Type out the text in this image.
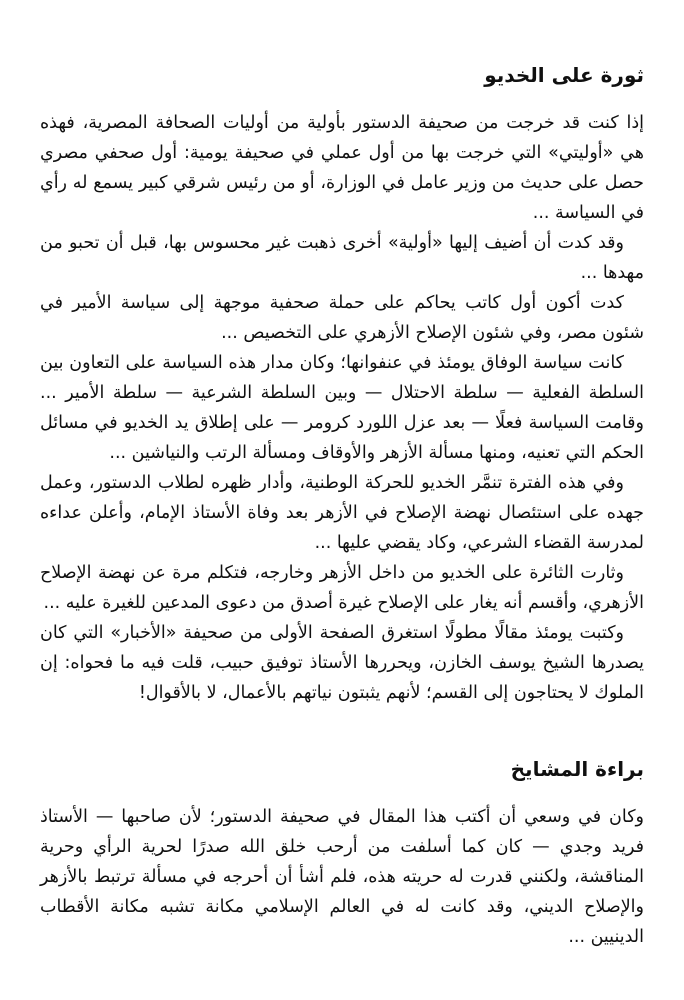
ثورة على الخديو

إذا كنت قد خرجت من صحيفة الدستور بأولية من أوليات الصحافة المصرية، فهذه هي «أوليتي» التي خرجت بها من أول عملي في صحيفة يومية: أول صحفي مصري حصل على حديث من وزير عامل في الوزارة، أو من رئيس شرقي كبير يسمع له رأي في السياسة ...

وقد كدت أن أضيف إليها «أولية» أخرى ذهبت غير محسوس بها، قبل أن تحبو من مهدها ...

كدت أكون أول كاتب يحاكم على حملة صحفية موجهة إلى سياسة الأمير في شئون مصر، وفي شئون الإصلاح الأزهري على التخصيص ...

كانت سياسة الوفاق يومئذ في عنفوانها؛ وكان مدار هذه السياسة على التعاون بين السلطة الفعلية — سلطة الاحتلال — وبين السلطة الشرعية — سلطة الأمير ... وقامت السياسة فعلًا — بعد عزل اللورد كرومر — على إطلاق يد الخديو في مسائل الحكم التي تعنيه، ومنها مسألة الأزهر والأوقاف ومسألة الرتب والنياشين ...

وفي هذه الفترة تنمَّر الخديو للحركة الوطنية، وأدار ظهره لطلاب الدستور، وعمل جهده على استئصال نهضة الإصلاح في الأزهر بعد وفاة الأستاذ الإمام، وأعلن عداءه لمدرسة القضاء الشرعي، وكاد يقضي عليها ...

وثارت الثائرة على الخديو من داخل الأزهر وخارجه، فتكلم مرة عن نهضة الإصلاح الأزهري، وأقسم أنه يغار على الإصلاح غيرة أصدق من دعوى المدعين للغيرة عليه ...

وكتبت يومئذ مقالًا مطولًا استغرق الصفحة الأولى من صحيفة «الأخبار» التي كان يصدرها الشيخ يوسف الخازن، ويحررها الأستاذ توفيق حبيب، قلت فيه ما فحواه: إن الملوك لا يحتاجون إلى القسم؛ لأنهم يثبتون نياتهم بالأعمال، لا بالأقوال!

براءة المشايخ

وكان في وسعي أن أكتب هذا المقال في صحيفة الدستور؛ لأن صاحبها — الأستاذ فريد وجدي — كان كما أسلفت من أرحب خلق الله صدرًا لحرية الرأي وحرية المناقشة، ولكنني قدرت له حريته هذه، فلم أشأ أن أحرجه في مسألة ترتبط بالأزهر والإصلاح الديني، وقد كانت له في العالم الإسلامي مكانة تشبه مكانة الأقطاب الدينيين ...
